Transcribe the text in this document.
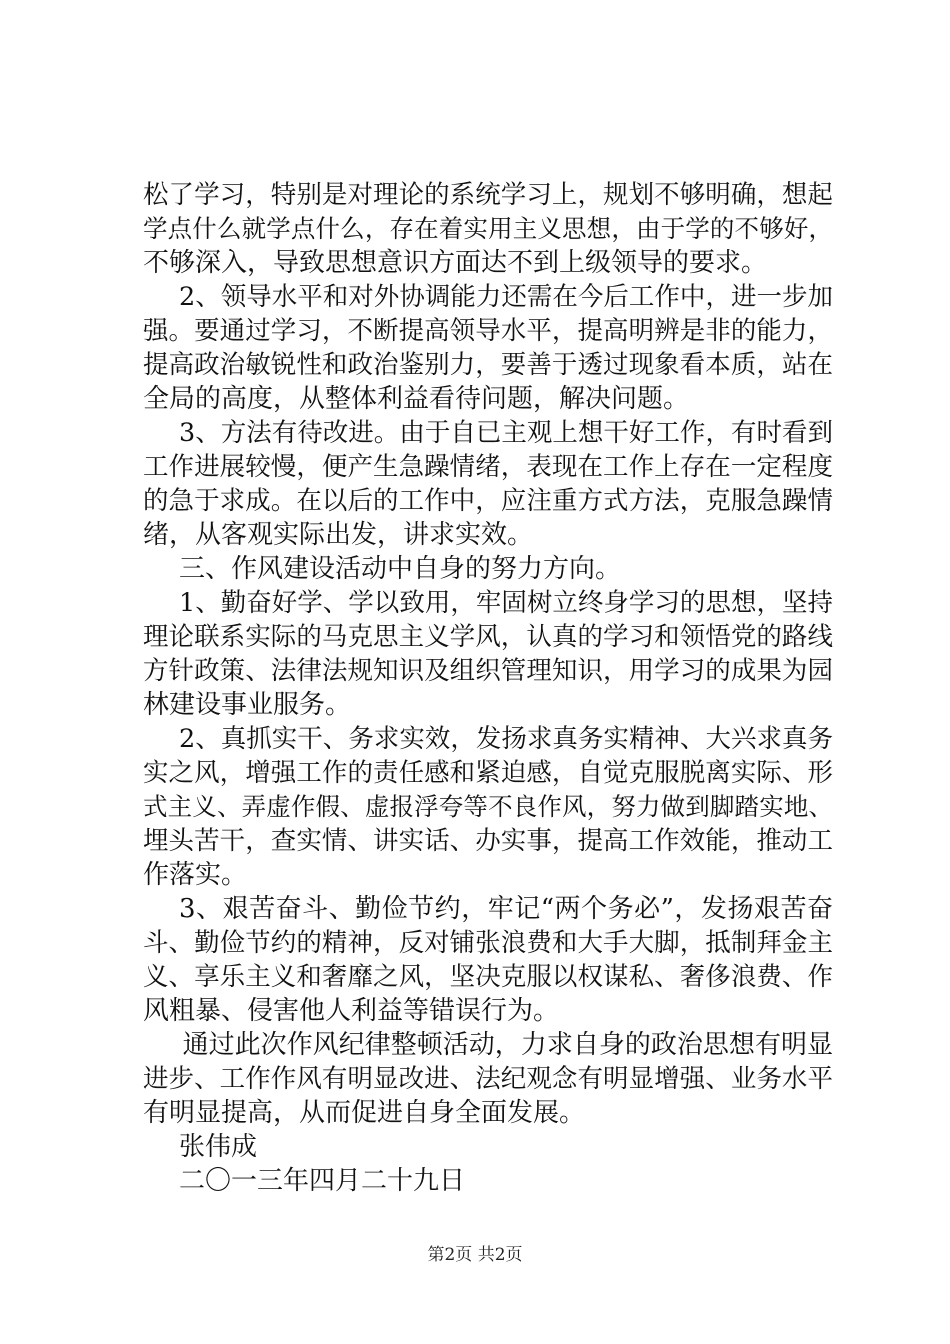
松了学习，特别是对理论的系统学习上，规划不够明确，想起
学点什么就学点什么，存在着实用主义思想，由于学的不够好，
不够深入，导致思想意识方面达不到上级领导的要求。
2、领导水平和对外协调能力还需在今后工作中，进一步加
强。要通过学习，不断提高领导水平，提高明辨是非的能力，
提高政治敏锐性和政治鉴别力，要善于透过现象看本质，站在
全局的高度，从整体利益看待问题，解决问题。
3、方法有待改进。由于自已主观上想干好工作，有时看到
工作进展较慢，便产生急躁情绪，表现在工作上存在一定程度
的急于求成。在以后的工作中，应注重方式方法，克服急躁情
绪，从客观实际出发，讲求实效。
三、作风建设活动中自身的努力方向。
1、勤奋好学、学以致用，牢固树立终身学习的思想，坚持
理论联系实际的马克思主义学风，认真的学习和领悟党的路线
方针政策、法律法规知识及组织管理知识，用学习的成果为园
林建设事业服务。
2、真抓实干、务求实效，发扬求真务实精神、大兴求真务
实之风，增强工作的责任感和紧迫感，自觉克服脱离实际、形
式主义、弄虚作假、虚报浮夸等不良作风，努力做到脚踏实地、
埋头苦干，查实情、讲实话、办实事，提高工作效能，推动工
作落实。
3、艰苦奋斗、勤俭节约，牢记“两个务必”，发扬艰苦奋
斗、勤俭节约的精神，反对铺张浪费和大手大脚，抵制拜金主
义、享乐主义和奢靡之风，坚决克服以权谋私、奢侈浪费、作
风粗暴、侵害他人利益等错误行为。
通过此次作风纪律整顿活动，力求自身的政治思想有明显
进步、工作作风有明显改进、法纪观念有明显增强、业务水平
有明显提高，从而促进自身全面发展。
张伟成
二〇一三年四月二十九日
第2页 共2页
